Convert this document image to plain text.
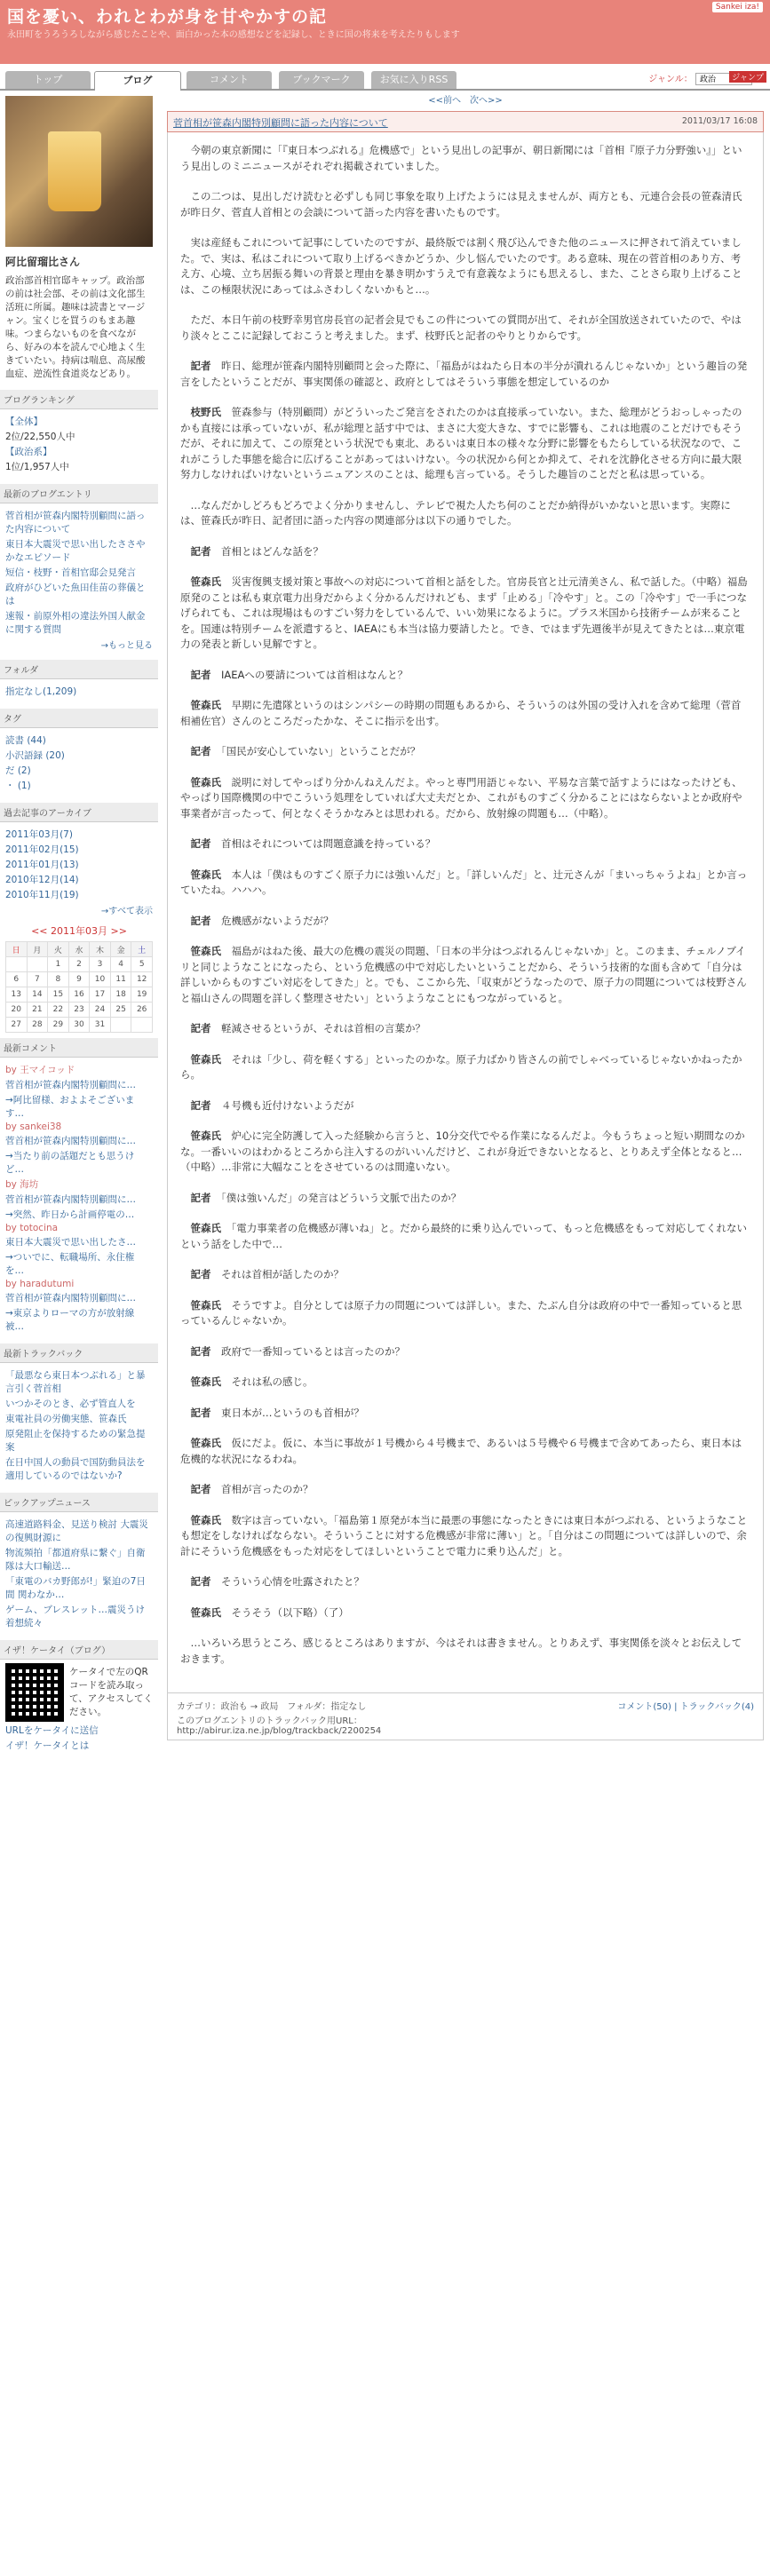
国を憂い、われとわが身を甘やかすの記
永田町をうろうろしながら感じたことや、面白かった本の感想などを記録し、ときに国の将来を考えたりもします
Sankei iza!
トップ	ブログ	コメント	ブックマーク	お気に入りRSS	ジャンル：
政治	ジャンプ
阿比留瑠比さん
政治部首相官邸キャップ。政治部の前は社会部、その前は文化部生活班に所属。趣味は読書とマージャン。宝くじを買うのもまあ趣味。つまらないものを食べながら、好みの本を読んで心地よく生きていたい。持病は喘息、高尿酸血症、逆流性食道炎などあり。
ブログランキング
【全体】
2位/22,550人中
【政治系】
1位/1,957人中
最新のブログエントリ
菅首相が笹森内閣特別顧問に語った内容について
東日本大震災で思い出したささやかなエピソード
短信・枝野・首相官邸会見発言
政府がひどいた魚田佳苗の葬儀とは
速報・前原外相の違法外国人献金に関する質問
→もっと見る
フォルダ
指定なし(1,209)
タグ
読書 (44)
小沢語録 (20)
だ (2)
・ (1)
過去記事のアーカイブ
2011年03月(7)
2011年02月(15)
2011年01月(13)
2010年12月(14)
2010年11月(19)
→すべて表示
<< 2011年03月 >>
日	月	火	水	木	金	土
		1	2	3	4	5
6	7	8	9	10	11	12
13	14	15	16	17	18	19
20	21	22	23	24	25	26
27	28	29	30	31		
最新コメント
by 王マイコッド
菅首相が笹森内閣特別顧問に…
→阿比留様、およよそございます…
by sankei38
菅首相が笹森内閣特別顧問に…
→当たり前の話題だとも思うけど…
by 海坊
菅首相が笹森内閣特別顧問に…
→突然、昨日から計画停電の…
by totocina
東日本大震災で思い出したさ…
→ついでに、転職場所、永住権を…
by haradutumi
菅首相が笹森内閣特別顧問に…
→東京よりローマの方が放射線被…
最新トラックバック
「最悪なら東日本つぶれる」と暴言引く菅首相
いつかそのとき、必ず管直人を
東電社員の労働実態、笹森氏
原発阻止を保持するための緊急提案
在日中国人の動員で国防動員法を適用しているのではないか?
ピックアップニュース
高速道路料金、見送り検討 大震災の復興財源に
物流頻拍「都道府県に繋ぐ」自衛隊は大口輸送…
「東電のバカ野郎が!」緊迫の7日間 関わなか…
ゲーム、ブレスレット…震災うけ着想続々
イザ！ケータイ（ブログ）
ケータイで左のQRコードを読み取って、アクセスしてください。
URLをケータイに送信
イザ！ケータイとは
<<前へ　次へ>>
菅首相が笹森内閣特別顧問に語った内容について	2011/03/17 16:08

今朝の東京新聞に「『東日本つぶれる』危機感で」という見出しの記事が、朝日新聞には「首相『原子力分野強い』」という見出しのミニニュースがそれぞれ掲載されていました。

この二つは、見出しだけ読むと必ずしも同じ事象を取り上げたようには見えませんが、両方とも、元連合会長の笹森清氏が昨日夕、菅直人首相との会談について語った内容を書いたものです。

実は産経もこれについて記事にしていたのですが、最終版では割く飛び込んできた他のニュースに押されて消えていました。で、実は、私はこれについて取り上げるべきかどうか、少し悩んでいたのです。ある意味、現在の菅首相のあり方、考え方、心境、立ち居振る舞いの背景と理由を暴き明かすうえで有意義なようにも思えるし、また、ことさら取り上げることは、この極限状況にあってはふさわしくないかもと…。

ただ、本日午前の枝野幸男官房長官の記者会見でもこの件についての質問が出て、それが全国放送されていたので、やはり淡々とここに記録しておこうと考えました。まず、枝野氏と記者のやりとりからです。

記者　 昨日、総理が笹森内閣特別顧問と会った際に、「福島がはねたら日本の半分が潰れるんじゃないか」という趣旨の発言をしたということだが、事実関係の確認と、政府としてはそういう事態を想定しているのか

枝野氏　 笹森参与（特別顧問）がどういったご発言をされたのかは直接承っていない。また、総理がどうおっしゃったのかも直接には承っていないが、私が総理と話す中では、まさに大変大きな、すでに影響も、これは地震のことだけでもそうだが、それに加えて、この原発という状況でも東北、あるいは東日本の様々な分野に影響をもたらしている状況なので、これがこうした事態を総合に広げることがあってはいけない。今の状況から何とか抑えて、それを沈静化させる方向に最大限努力しなければいけないというニュアンスのことは、総理も言っている。そうした趣旨のことだと私は思っている。

…なんだかしどろもどろでよく分かりませんし、テレビで視た人たち何のことだか納得がいかないと思います。実際には、笹森氏が昨日、記者団に語った内容の関連部分は以下の通りでした。

記者　 首相とはどんな話を？

笹森氏　 災害復興支援対策と事故への対応について首相と話をした。官房長官と辻元清美さん、私で話した。（中略）福島原発のことは私も東京電力出身だからよく分かるんだけれども、まず「止める」「冷やす」と。この「冷やす」で一手につなげられても、これは現場はものすごい努力をしているんで、いい効果になるように。プラス米国から技術チームが来ることを。国連は特別チームを派遣すると、IAEAにも本当は協力要請したと。でき、ではまず先週後半が見えてきたとは…東京電力の発表と新しい見解ですと。

記者　 IAEAへの要請については首相はなんと？

笹森氏　 早期に先遣隊というのはシンパシーの時期の問題もあるから、そういうのは外国の受け入れを含めて総理（菅首相補佐官）さんのところだったかな、そこに指示を出す。

記者　 「国民が安心していない」ということだが？

笹森氏　 説明に対してやっぱり分かんねえんだよ。やっと専門用語じゃない、平易な言葉で話すようにはなったけども、やっぱり国際機関の中でこういう処理をしていれば大丈夫だとか、これがものすごく分かることにはならないよとか政府や事業者が言ったって、何となくそうかなみとは思われる。だから、放射線の問題も…（中略）。

記者　 首相はそれについては問題意識を持っている？

笹森氏　 本人は「僕はものすごく原子力には強いんだ」と。「詳しいんだ」と、辻元さんが「まいっちゃうよね」とか言っていたね。ハハハ。

記者　 危機感がないようだが？

笹森氏　 福島がはねた後、最大の危機の震災の問題、「日本の半分はつぶれるんじゃないか」と。このまま、チェルノブイリと同じようなことになったら、という危機感の中で対応したいということだから、そういう技術的な面も含めて「自分は詳しいからものすごい対応をしてきた」と。でも、ここから先、「収束がどうなったので、原子力の問題については枝野さんと福山さんの問題を詳しく整理させたい」というようなことにもつながっていると。

記者　 軽減させるというが、それは首相の言葉か？

笹森氏　 それは「少し、荷を軽くする」といったのかな。原子力ばかり皆さんの前でしゃべっているじゃないかねったから。

記者　 ４号機も近付けないようだが

笹森氏　 炉心に完全防護して入った経験から言うと、10分交代でやる作業になるんだよ。今もうちょっと短い期間なのかな。一番いいのはわかるところから注入するのがいいんだけど、これが身近できないとなると、とりあえず全体となると…（中略）…非常に大幅なことをさせているのは間違いない。

記者　 「僕は強いんだ」の発言はどういう文脈で出たのか？

笹森氏　 「電力事業者の危機感が薄いね」と。だから最終的に乗り込んでいって、もっと危機感をもって対応してくれないという話をした中で…

記者　 それは首相が話したのか？

笹森氏　 そうですよ。自分としては原子力の問題については詳しい。また、たぶん自分は政府の中で一番知っていると思っているんじゃないか。

記者　 政府で一番知っているとは言ったのか？

笹森氏　 それは私の感じ。

記者　 東日本が…というのも首相が？

笹森氏　 仮にだよ。仮に、本当に事故が１号機から４号機まで、あるいは５号機や６号機まで含めてあったら、東日本は危機的な状況になるわね。

記者　 首相が言ったのか？

笹森氏　 数字は言っていない。「福島第１原発が本当に最悪の事態になったときには東日本がつぶれる、というようなことも想定をしなければならない。そういうことに対する危機感が非常に薄い」と。「自分はこの問題については詳しいので、余計にそういう危機感をもった対応をしてほしいということで電力に乗り込んだ」と。

記者　 そういう心情を吐露されたと？

笹森氏　 そうそう（以下略）（了）

…いろいろ思うところ、感じるところはありますが、今はそれは書きません。とりあえず、事実関係を淡々とお伝えしておきます。

カテゴリ：政治も → 政局　フォルダ：指定なし	コメント(50) | トラックバック(4)
このブログエントリのトラックバック用URL：
http://abirur.iza.ne.jp/blog/trackback/2200254
